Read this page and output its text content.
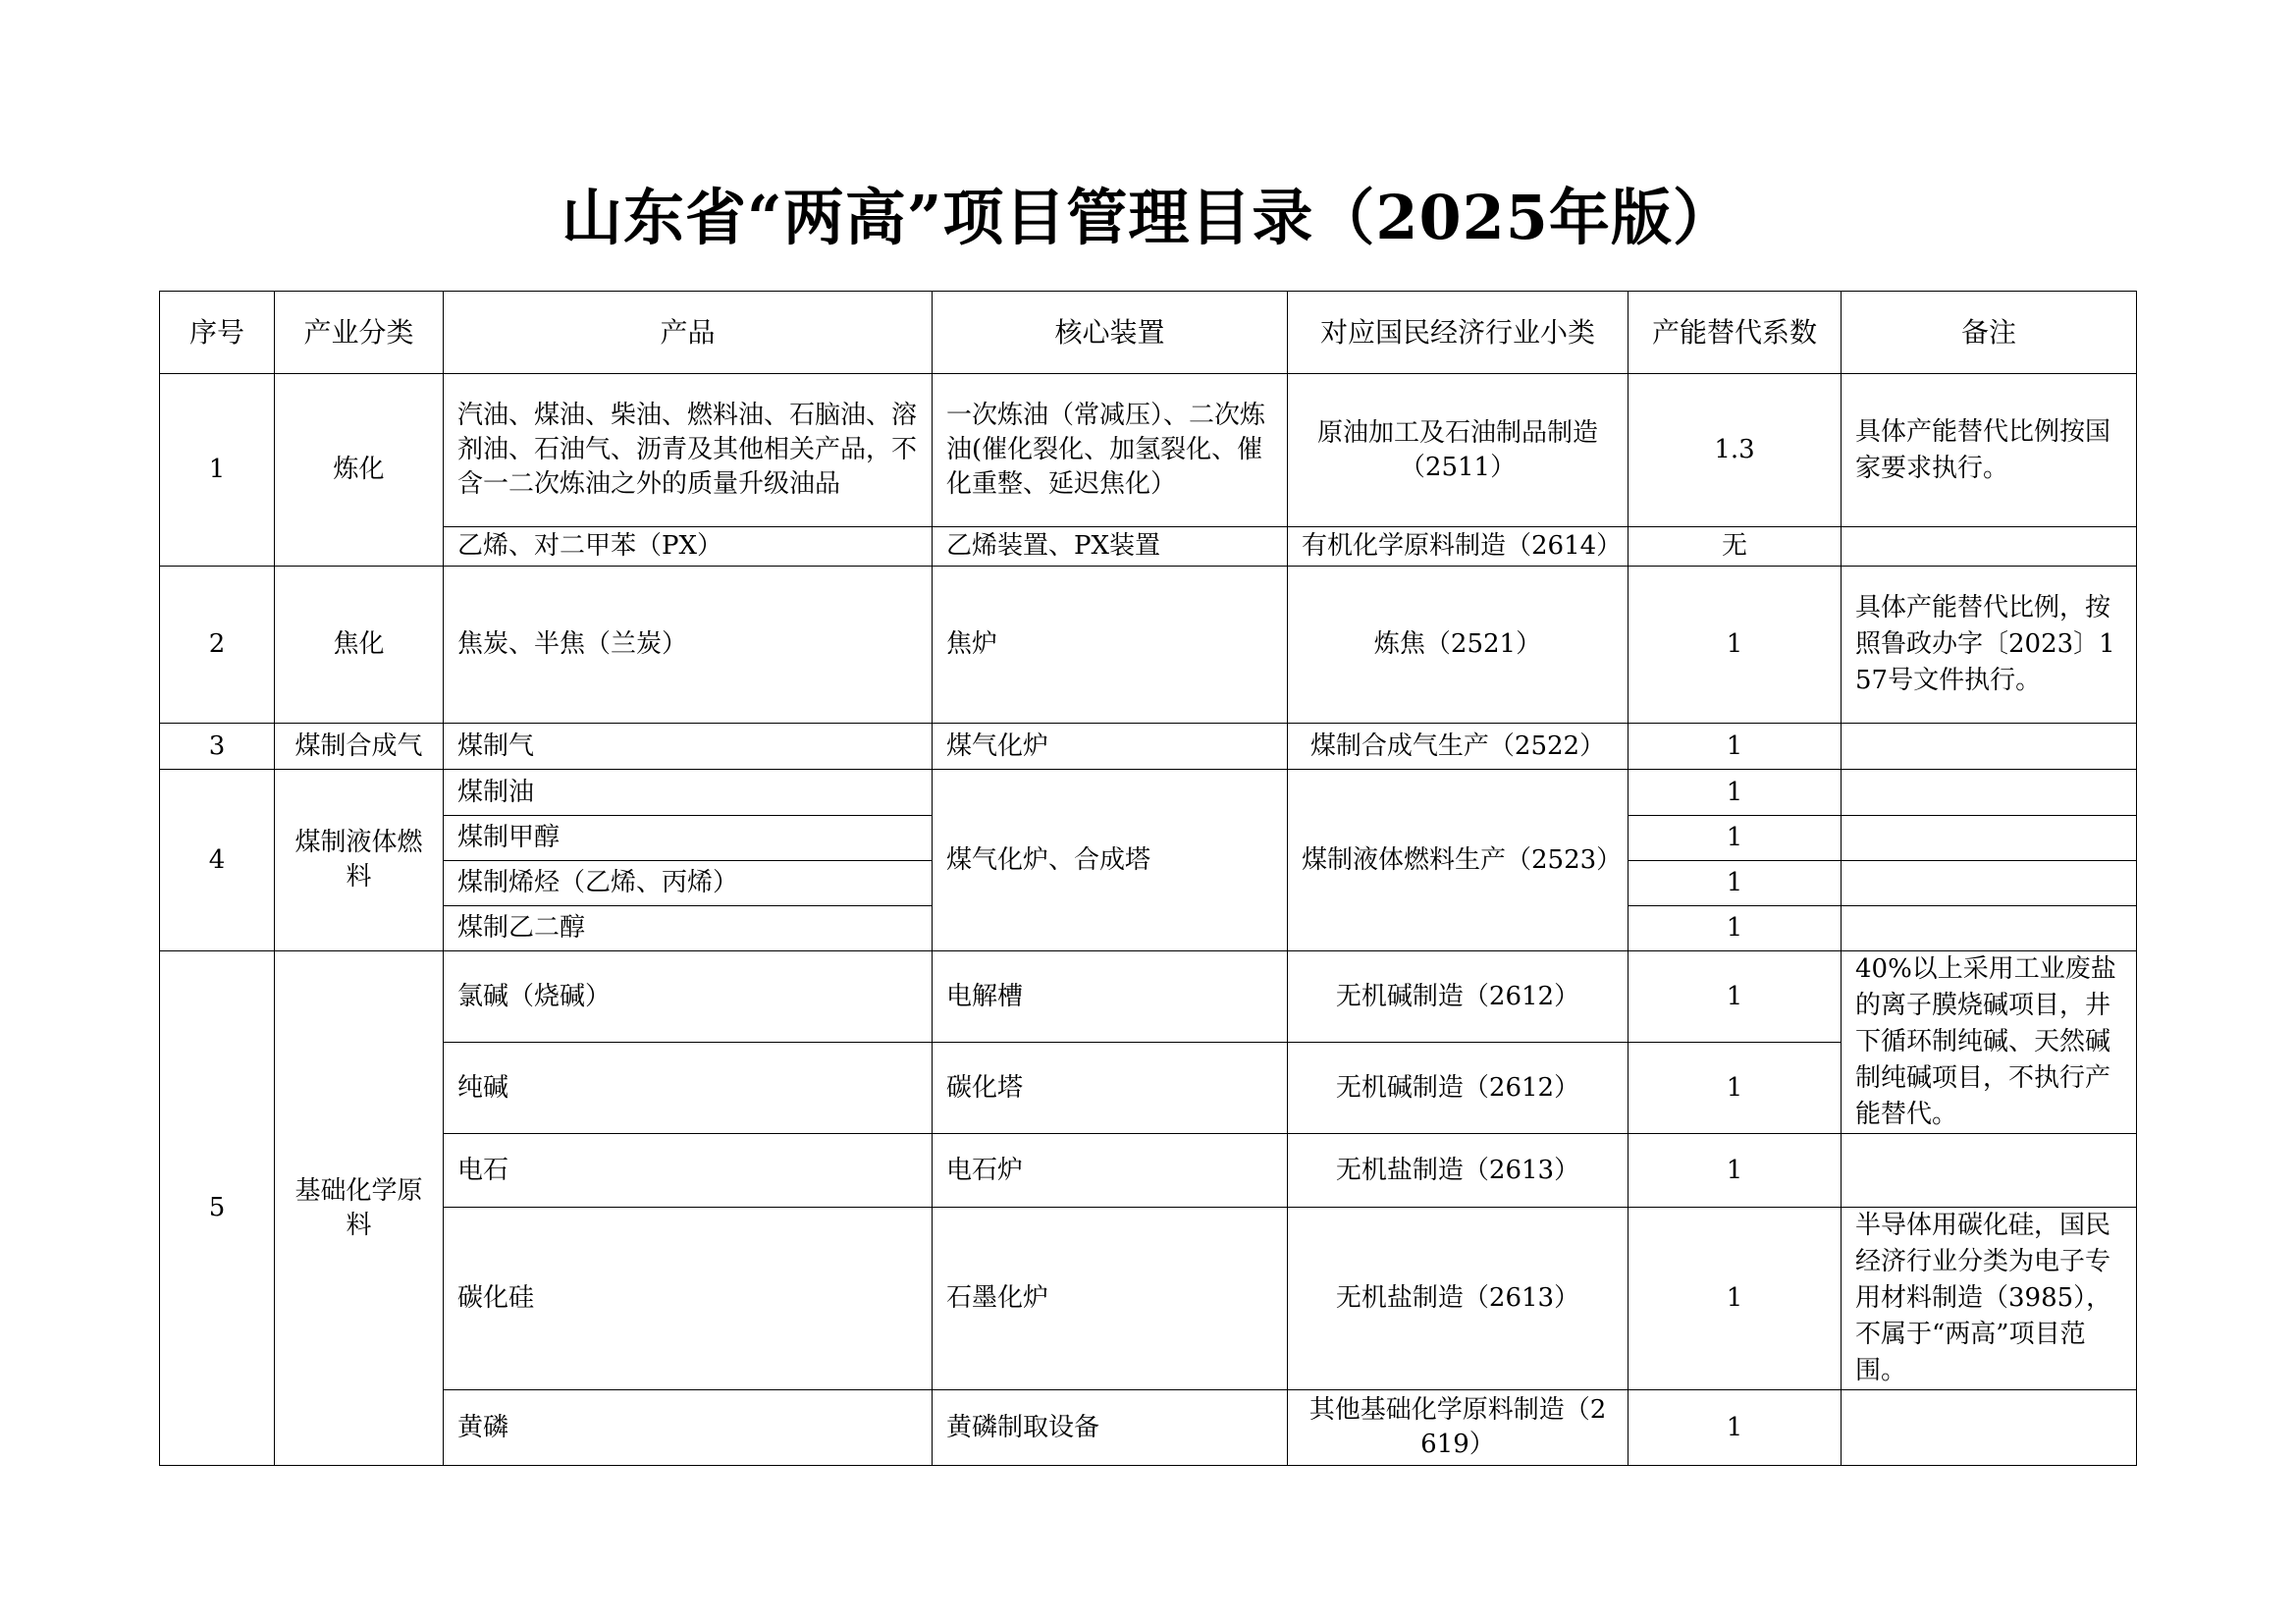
山东省“两高”项目管理目录（2025年版）
序号	产业分类	产品	核心装置	对应国民经济行业小类	产能替代系数	备注
1	炼化	汽油、煤油、柴油、燃料油、石脑油、溶剂油、石油气、沥青及其他相关产品，不含一二次炼油之外的质量升级油品	一次炼油（常减压）、二次炼油(催化裂化、加氢裂化、催化重整、延迟焦化）	原油加工及石油制品制造（2511）	1.3	具体产能替代比例按国家要求执行。
		乙烯、对二甲苯（PX）	乙烯装置、PX装置	有机化学原料制造（2614）	无	
2	焦化	焦炭、半焦（兰炭）	焦炉	炼焦（2521）	1	具体产能替代比例，按照鲁政办字〔2023〕157号文件执行。
3	煤制合成气	煤制气	煤气化炉	煤制合成气生产（2522）	1	
4	煤制液体燃料	煤制油	煤气化炉、合成塔	煤制液体燃料生产（2523）	1	
		煤制甲醇			1	
		煤制烯烃（乙烯、丙烯）			1	
		煤制乙二醇			1	
5	基础化学原料	氯碱（烧碱）	电解槽	无机碱制造（2612）	1	40%以上采用工业废盐的离子膜烧碱项目，井下循环制纯碱、天然碱制纯碱项目，不执行产能替代。
		纯碱	碳化塔	无机碱制造（2612）	1	
		电石	电石炉	无机盐制造（2613）	1	
		碳化硅	石墨化炉	无机盐制造（2613）	1	半导体用碳化硅，国民经济行业分类为电子专用材料制造（3985），不属于“两高”项目范围。
		黄磷	黄磷制取设备	其他基础化学原料制造（2619）	1	
